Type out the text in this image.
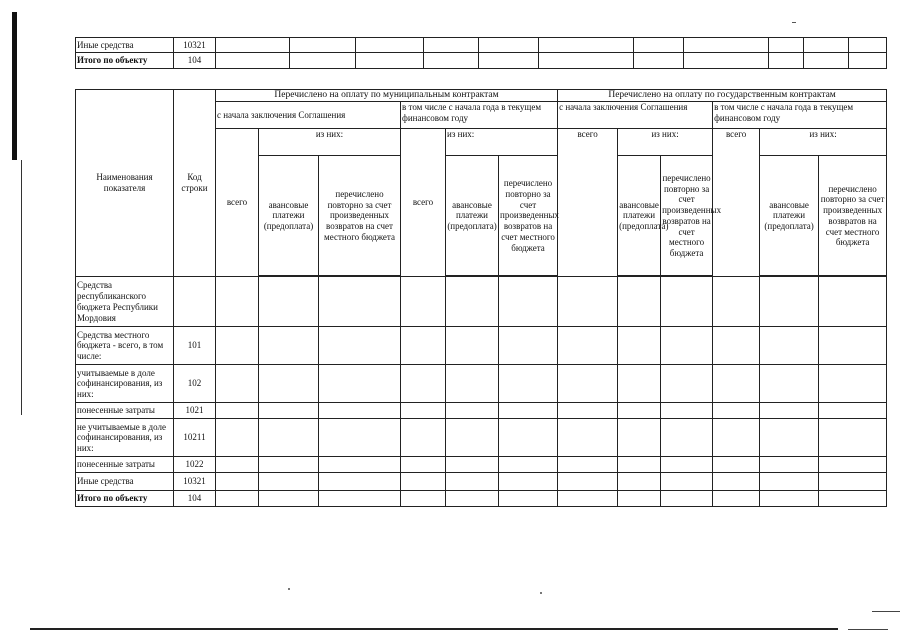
Иные средства	10321											
Итого по объекту	104											
Наименования показателя	Код строки	Перечислено на оплату по муниципальным контрактам						Перечислено на оплату по государственным контрактам					
		с начала заключения Соглашения			в том числе с начала года в текущем финансовом году			с начала заключения Соглашения			в том числе с начала года в текущем финансовом году		
		всего	из них:		всего	из них:		всего	из них:		всего	из них:	
			авансовые платежи (предоплата)	перечислено повторно за счет произведенных возвратов на счет местного бюджета		авансовые платежи (предоплата)	перечислено повторно за счет произведенных возвратов на счет местного бюджета		авансовые платежи (предоплата)	перечислено повторно за счет произведенных возвратов на счет местного бюджета		авансовые платежи (предоплата)	перечислено повторно за счет произведенных возвратов на счет местного бюджета

Средства республиканского бюджета Республики Мордовия													
Средства местного бюджета - всего, в том числе:	101												
учитываемые в доле софинансирования, из них:	102												
понесенные затраты	1021												
не учитываемые в доле софинансирования, из них:	10211												
понесенные затраты	1022												
Иные средства	10321												
Итого по объекту	104												
